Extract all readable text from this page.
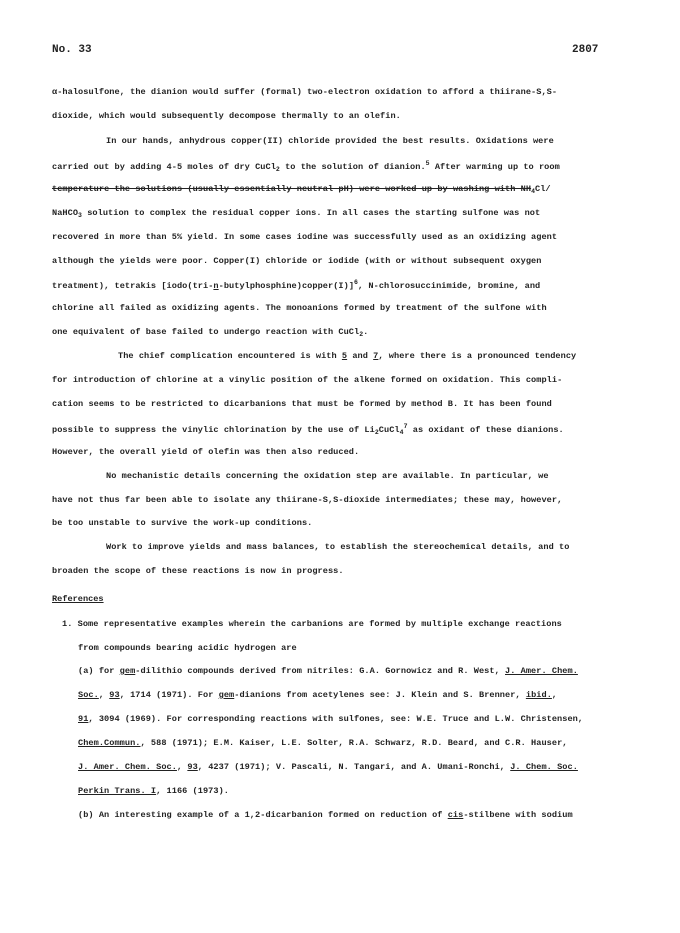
No. 33	2807
α-halosulfone, the dianion would suffer (formal) two-electron oxidation to afford a thiirane-S,S-
dioxide, which would subsequently decompose thermally to an olefin.
In our hands, anhydrous copper(II) chloride provided the best results. Oxidations were
carried out by adding 4-5 moles of dry CuCl$_2$ to the solution of dianion.$^5$ After warming up to room
temperature the solutions (usually essentially neutral pH) were worked up by washing with $NH_4Cl/$
NaHCO$_3$ solution to complex the residual copper ions. In all cases the starting sulfone was not
recovered in more than 5% yield. In some cases iodine was successfully used as an oxidizing agent
although the yields were poor. Copper(I) chloride or iodide (with or without subsequent oxygen
treatment), tetrakis [iodo(tri-n-butylphosphine)copper(I)]$^6$, N-chlorosuccinimide, bromine, and
chlorine all failed as oxidizing agents. The monoanions formed by treatment of the sulfone with
one equivalent of base failed to undergo reaction with CuCl$_2$.
The chief complication encountered is with 5 and 7, where there is a pronounced tendency
for introduction of chlorine at a vinylic position of the alkene formed on oxidation. This compli-
cation seems to be restricted to dicarbanions that must be formed by method B. It has been found
possible to suppress the vinylic chlorination by the use of $Li_2CuCl_4^7$ as oxidant of these dianions.
However, the overall yield of olefin was then also reduced.
No mechanistic details concerning the oxidation step are available. In particular, we
have not thus far been able to isolate any thiirane-S,S-dioxide intermediates; these may, however,
be too unstable to survive the work-up conditions.
Work to improve yields and mass balances, to establish the stereochemical details, and to
broaden the scope of these reactions is now in progress.
References
1. Some representative examples wherein the carbanions are formed by multiple exchange reactions
from compounds bearing acidic hydrogen are
(a) for gem-dilithio compounds derived from nitriles: G.A. Gornowicz and R. West, J. Amer. Chem.
Soc., 93, 1714 (1971). For gem-dianions from acetylenes see: J. Klein and S. Brenner, ibid.,
91, 3094 (1969). For corresponding reactions with sulfones, see: W.E. Truce and L.W. Christensen,
Chem.Commun., 588 (1971); E.M. Kaiser, L.E. Solter, R.A. Schwarz, R.D. Beard, and C.R. Hauser,
J. Amer. Chem. Soc., 93, 4237 (1971); V. Pascali, N. Tangari, and A. Umani-Ronchi, J. Chem. Soc.
Perkin Trans. I, 1166 (1973).
(b) An interesting example of a 1,2-dicarbanion formed on reduction of cis-stilbene with sodium
